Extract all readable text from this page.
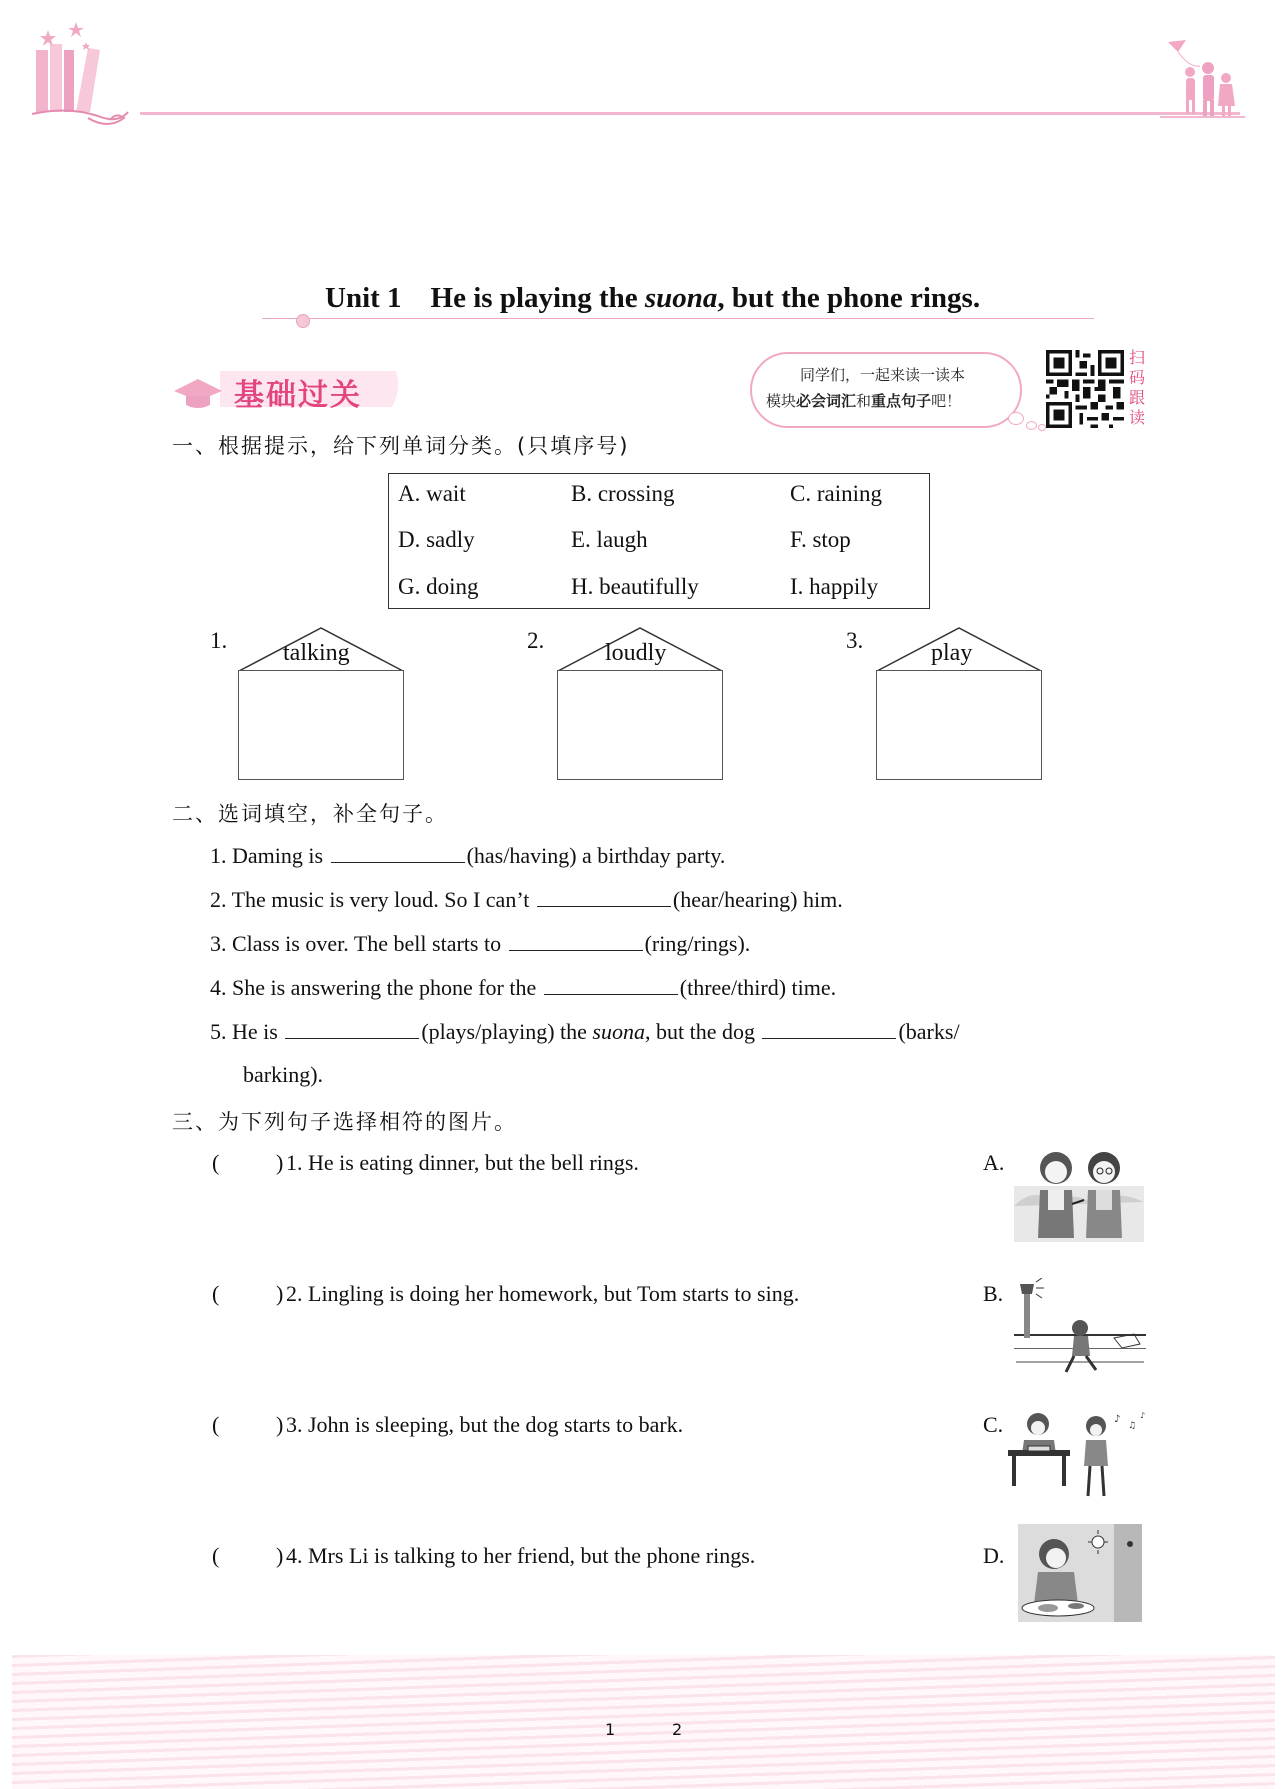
Unit 1 He is playing the suona, but the phone rings.
基础过关
同学们，一起来读一读本
模块必会词汇和重点句子吧！
扫
码
跟
读
一、根据提示，给下列单词分类。(只填序号)
A. wait	B. crossing	C. raining
D. sadly	E. laugh	F. stop
G. doing	H. beautifully	I. happily
1. talking	2.	loudly	3.	play
二、选词填空，补全句子。
1. Daming is	(has/having) a birthday party.
2. The music is very loud. So I can’t	(hear/hearing) him.
3. Class is over. The bell starts to	(ring/rings).
4. She is answering the phone for the	(three/third) time.
5. He is	(plays/playing) the suona, but the dog	(barks/
barking).
三、为下列句子选择相符的图片。
(	) 1. He is eating dinner, but the bell rings.	A.
(	) 2. Lingling is doing her homework, but Tom starts to sing.	B.
(	) 3. John is sleeping, but the dog starts to bark.	C.	♪
♫
♪
(	) 4. Mrs Li is talking to her friend, but the phone rings.	D.
1	2
